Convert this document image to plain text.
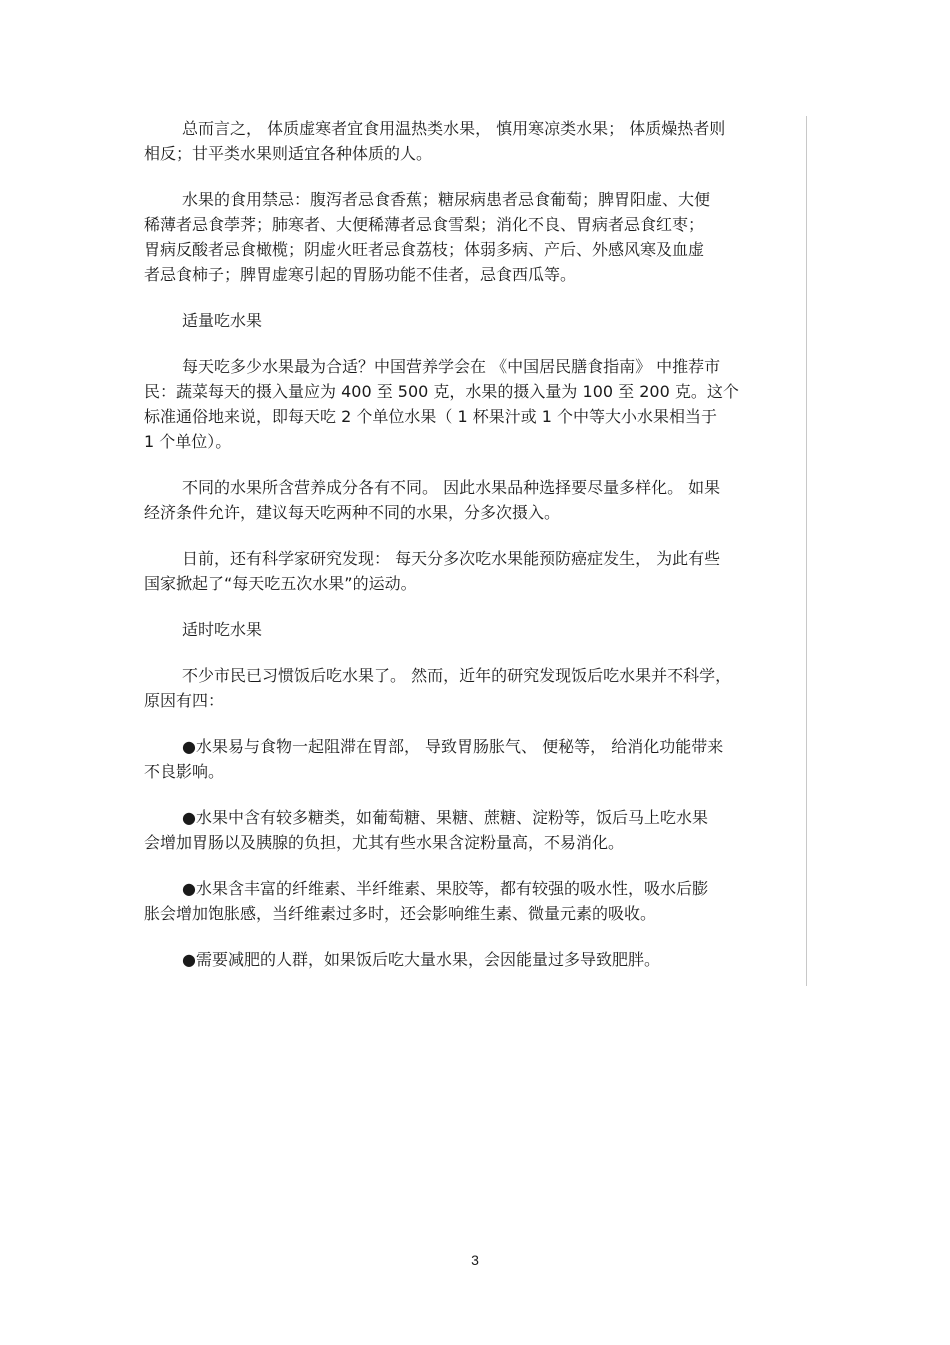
总而言之， 体质虚寒者宜食用温热类水果， 慎用寒凉类水果； 体质燥热者则
相反；甘平类水果则适宜各种体质的人。
水果的食用禁忌：腹泻者忌食香蕉；糖尿病患者忌食葡萄；脾胃阳虚、大便
稀薄者忌食荸荠；肺寒者、大便稀薄者忌食雪梨；消化不良、胃病者忌食红枣；
胃病反酸者忌食橄榄；阴虚火旺者忌食荔枝；体弱多病、产后、外感风寒及血虚
者忌食柿子；脾胃虚寒引起的胃肠功能不佳者，忌食西瓜等。
适量吃水果
每天吃多少水果最为合适？中国营养学会在 《中国居民膳食指南》 中推荐市
民：蔬菜每天的摄入量应为 400 至 500 克，水果的摄入量为 100 至 200 克。这个
标准通俗地来说，即每天吃 2 个单位水果（ 1 杯果汁或 1 个中等大小水果相当于
1 个单位）。
不同的水果所含营养成分各有不同。 因此水果品种选择要尽量多样化。 如果
经济条件允许，建议每天吃两种不同的水果，分多次摄入。
日前，还有科学家研究发现： 每天分多次吃水果能预防癌症发生， 为此有些
国家掀起了“每天吃五次水果”的运动。
适时吃水果
不少市民已习惯饭后吃水果了。 然而，近年的研究发现饭后吃水果并不科学，
原因有四：
●水果易与食物一起阻滞在胃部， 导致胃肠胀气、 便秘等， 给消化功能带来
不良影响。
●水果中含有较多糖类，如葡萄糖、果糖、蔗糖、淀粉等，饭后马上吃水果
会增加胃肠以及胰腺的负担，尤其有些水果含淀粉量高，不易消化。
●水果含丰富的纤维素、半纤维素、果胶等，都有较强的吸水性，吸水后膨
胀会增加饱胀感，当纤维素过多时，还会影响维生素、微量元素的吸收。
●需要减肥的人群，如果饭后吃大量水果，会因能量过多导致肥胖。
3
